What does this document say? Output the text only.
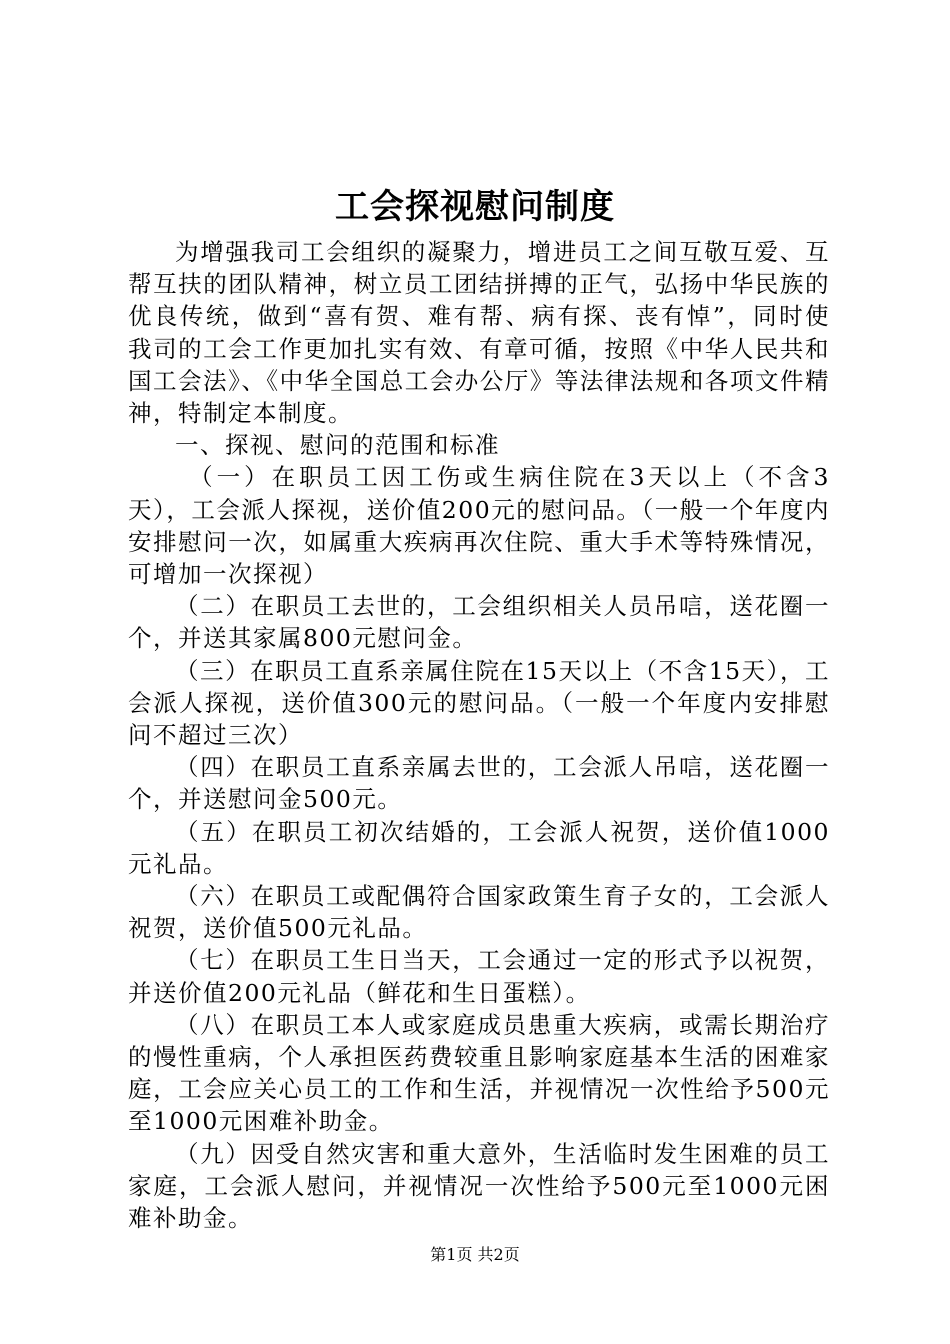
工会探视慰问制度

为增强我司工会组织的凝聚力，增进员工之间互敬互爱、互帮互扶的团队精神，树立员工团结拼搏的正气，弘扬中华民族的优良传统，做到“喜有贺、难有帮、病有探、丧有悼”，同时使我司的工会工作更加扎实有效、有章可循，按照《中华人民共和国工会法》、《中华全国总工会办公厅》等法律法规和各项文件精神，特制定本制度。

一、探视、慰问的范围和标准

（一）在职员工因工伤或生病住院在3天以上（不含3天），工会派人探视，送价值200元的慰问品。（一般一个年度内安排慰问一次，如属重大疾病再次住院、重大手术等特殊情况，可增加一次探视）

（二）在职员工去世的，工会组织相关人员吊唁，送花圈一个，并送其家属800元慰问金。

（三）在职员工直系亲属住院在15天以上（不含15天），工会派人探视，送价值300元的慰问品。（一般一个年度内安排慰问不超过三次）

（四）在职员工直系亲属去世的，工会派人吊唁，送花圈一个，并送慰问金500元。

（五）在职员工初次结婚的，工会派人祝贺，送价值1000元礼品。

（六）在职员工或配偶符合国家政策生育子女的，工会派人祝贺，送价值500元礼品。

（七）在职员工生日当天，工会通过一定的形式予以祝贺，并送价值200元礼品（鲜花和生日蛋糕）。

（八）在职员工本人或家庭成员患重大疾病，或需长期治疗的慢性重病，个人承担医药费较重且影响家庭基本生活的困难家庭，工会应关心员工的工作和生活，并视情况一次性给予500元至1000元困难补助金。

（九）因受自然灾害和重大意外，生活临时发生困难的员工家庭，工会派人慰问，并视情况一次性给予500元至1000元困难补助金。

第1页 共2页
